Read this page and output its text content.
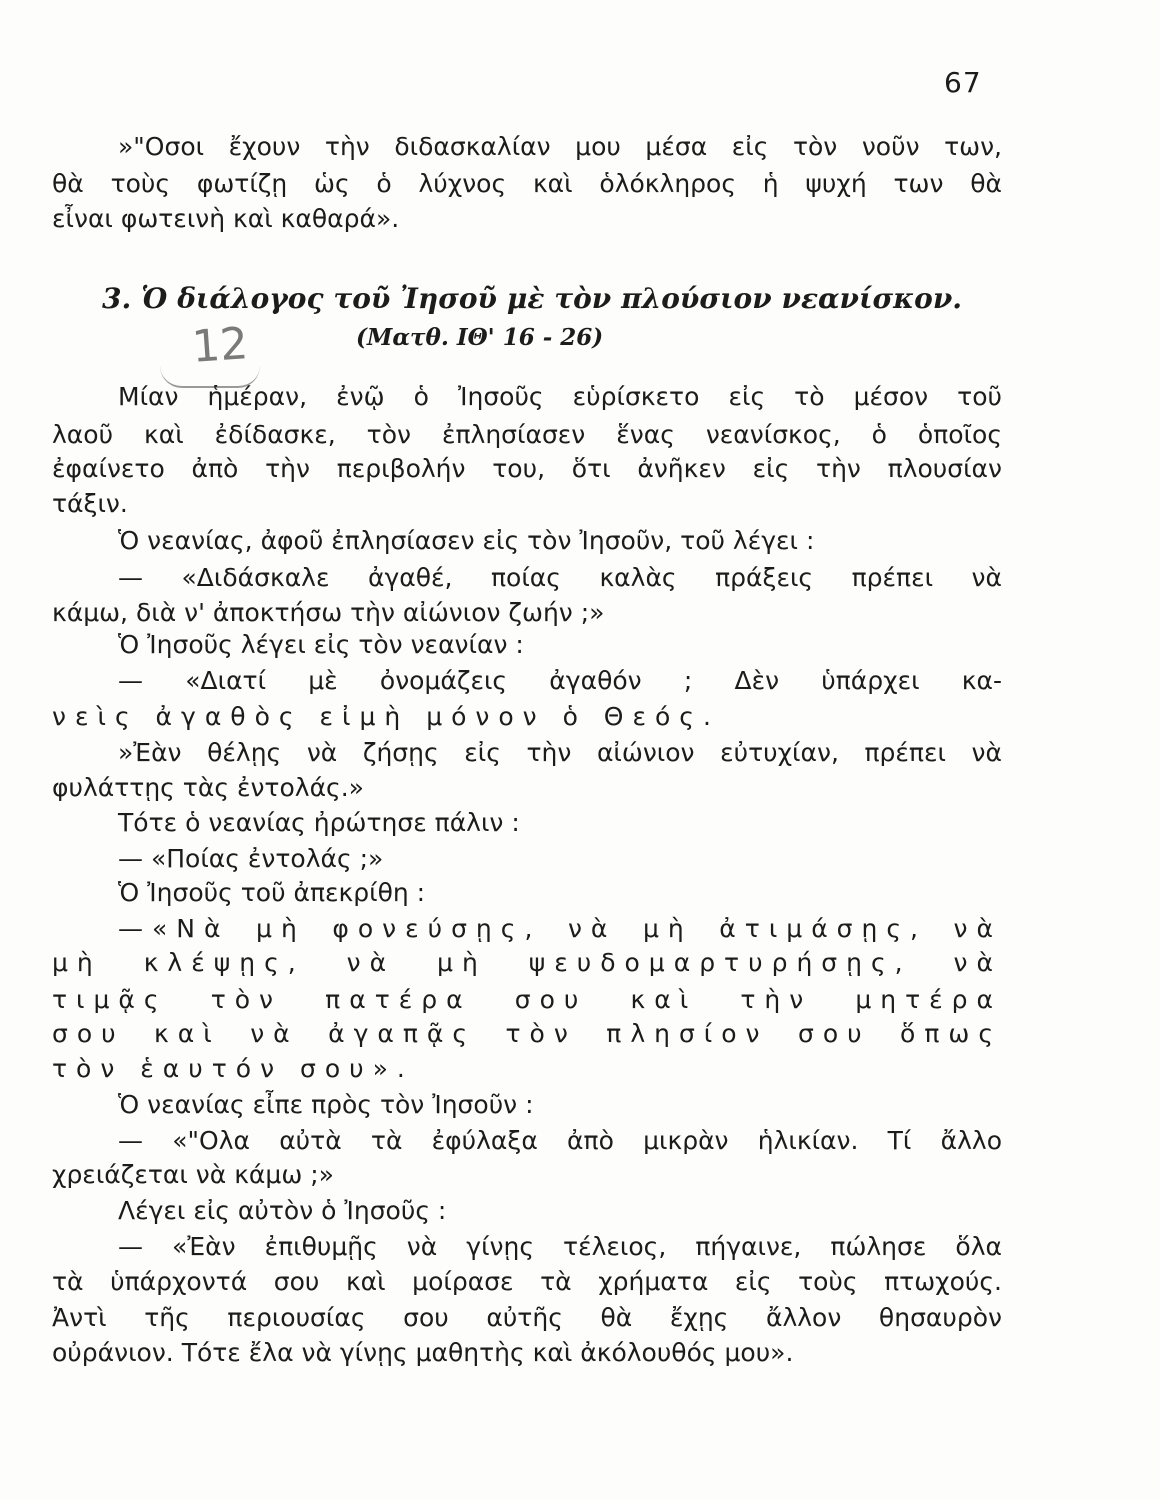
67
»"Οσοι ἔχουν τὴν διδασκαλίαν μου μέσα εἰς τὸν νοῦν των,
θὰ τοὺς φωτίζῃ ὡς ὁ λύχνος καὶ ὁλόκληρος ἡ ψυχή των θὰ
εἶναι φωτεινὴ καὶ καθαρά».
3. Ὁ διάλογος τοῦ Ἰησοῦ μὲ τὸν πλούσιον νεανίσκον.
12	(Ματθ. ΙΘ' 16 - 26)
Μίαν ἡμέραν, ἐνῷ ὁ Ἰησοῦς εὑρίσκετο εἰς τὸ μέσον τοῦ
λαοῦ καὶ ἐδίδασκε, τὸν ἐπλησίασεν ἕνας νεανίσκος, ὁ ὁποῖος
ἐφαίνετο ἀπὸ τὴν περιβολήν του, ὅτι ἀνῆκεν εἰς τὴν πλουσίαν
τάξιν.
Ὁ νεανίας, ἀφοῦ ἐπλησίασεν εἰς τὸν Ἰησοῦν, τοῦ λέγει :
— «Διδάσκαλε ἀγαθέ, ποίας καλὰς πράξεις πρέπει νὰ
κάμω, διὰ ν' ἀποκτήσω τὴν αἰώνιον ζωήν ;»
Ὁ Ἰησοῦς λέγει εἰς τὸν νεανίαν :
— «Διατί μὲ ὀνομάζεις ἀγαθόν ; Δὲν ὑπάρχει κα-
νεὶς ἀγαθὸς εἰμὴ μόνον ὁ Θεός.
»Ἐὰν θέλῃς νὰ ζήσῃς εἰς τὴν αἰώνιον εὐτυχίαν, πρέπει νὰ
φυλάττῃς τὰς ἐντολάς.»
Τότε ὁ νεανίας ἠρώτησε πάλιν :
— «Ποίας ἐντολάς ;»
Ὁ Ἰησοῦς τοῦ ἀπεκρίθη :
—«Νὰ μὴ φονεύσῃς, νὰ μὴ ἀτιμάσῃς, νὰ
μὴ κλέψῃς, νὰ μὴ ψευδομαρτυρήσῃς, νὰ
τιμᾷς τὸν πατέρα σου καὶ τὴν μητέρα
σου καὶ νὰ ἀγαπᾷς τὸν πλησίον σου ὅπως
τὸν ἑαυτόν σου».
Ὁ νεανίας εἶπε πρὸς τὸν Ἰησοῦν :
— «"Ολα αὐτὰ τὰ ἐφύλαξα ἀπὸ μικρὰν ἡλικίαν. Τί ἄλλο
χρειάζεται νὰ κάμω ;»
Λέγει εἰς αὐτὸν ὁ Ἰησοῦς :
— «Ἐὰν ἐπιθυμῇς νὰ γίνῃς τέλειος, πήγαινε, πώλησε ὅλα
τὰ ὑπάρχοντά σου καὶ μοίρασε τὰ χρήματα εἰς τοὺς πτωχούς.
Ἀντὶ τῆς περιουσίας σου αὐτῆς θὰ ἔχῃς ἄλλον θησαυρὸν
οὐράνιον. Τότε ἔλα νὰ γίνῃς μαθητὴς καὶ ἀκόλουθός μου».
